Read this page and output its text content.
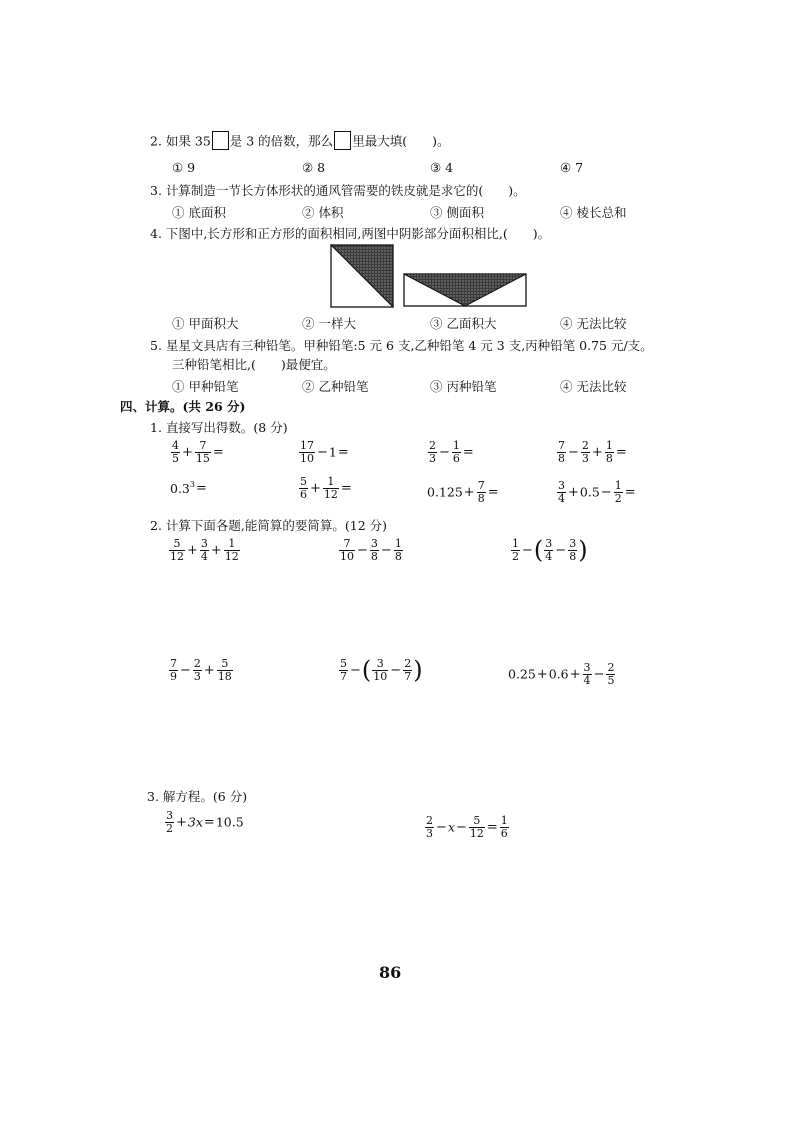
2. 如果 35 是 3 的倍数，那么 里最大填(　　)。
① 9	② 8	③ 4	④ 7
3. 计算制造一节长方体形状的通风管需要的铁皮就是求它的(　　)。
① 底面积	② 体积	③ 侧面积	④ 棱长总和
4. 下图中,长方形和正方形的面积相同,两图中阴影部分面积相比,(　　)。
① 甲面积大	② 一样大	③ 乙面积大	④ 无法比较
5. 星星文具店有三种铅笔。甲种铅笔:5 元 6 支,乙种铅笔 4 元 3 支,丙种铅笔 0.75 元/支。
三种铅笔相比,(　　)最便宜。
① 甲种铅笔	② 乙种铅笔	③ 丙种铅笔	④ 无法比较
四、计算。(共 26 分)
1. 直接写出得数。(8 分)
$\frac{4}{5} + \frac{7}{15}$ =	$\frac{17}{10} -1=$	$\frac{2}{3} - \frac{1}{6}$ =	$\frac{7}{8} - \frac{2}{3} + \frac{1}{8}$ =
$0.3^3=$	$\frac{5}{6} + \frac{1}{12}$ =	$0.125+ \frac{7}{8}$ =	$\frac{3}{4} +0.5- \frac{1}{2}$ =
2. 计算下面各题,能简算的要简算。(12 分)
$\frac{5}{12} + \frac{3}{4} + \frac{1}{12}$	$\frac{7}{10} - \frac{3}{8} - \frac{1}{8}$	$\frac{1}{2}$ −( $\frac{3}{4} - \frac{3}{8}$ )
$\frac{7}{9} - \frac{2}{3} + \frac{5}{18}$	$\frac{5}{7}$ −( $\frac{3}{10} - \frac{2}{7}$ )	$0.25+0.6+ \frac{3}{4} - \frac{2}{5}$
3. 解方程。(6 分)
$\frac{3}{2} +3x=10.5$	$\frac{2}{3} -x- \frac{5}{12} = \frac{1}{6}$
86
